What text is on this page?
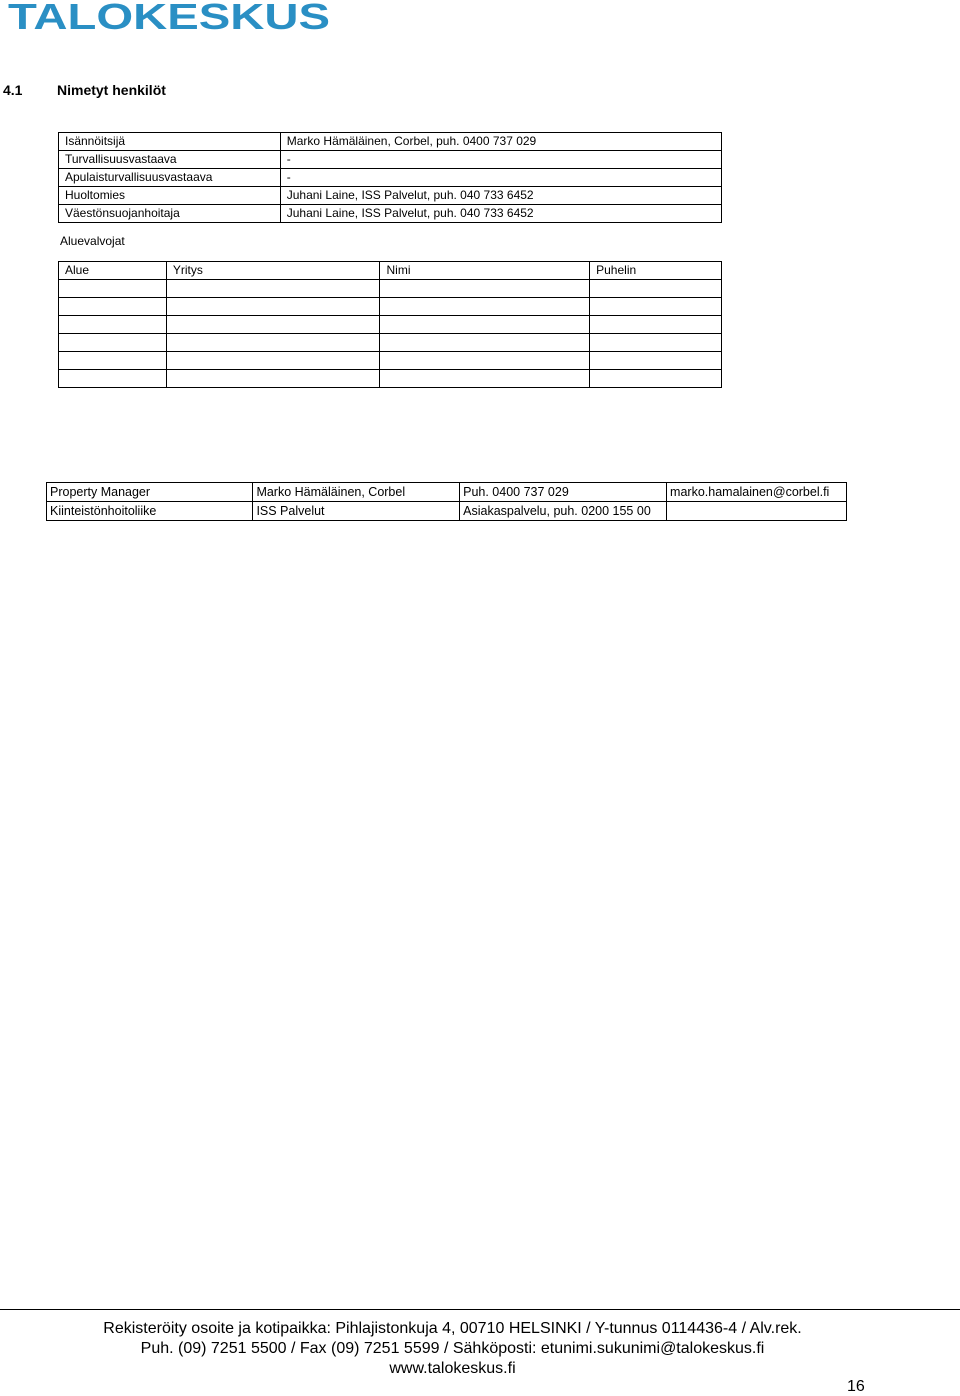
TALOKESKUS
4.1 Nimetyt henkilöt
Isännöitsijä	Marko Hämäläinen, Corbel, puh. 0400 737 029
Turvallisuusvastaava	-
Apulaisturvallisuusvastaava	-
Huoltomies	Juhani Laine, ISS Palvelut, puh. 040 733 6452
Väestönsuojanhoitaja	Juhani Laine, ISS Palvelut, puh. 040 733 6452
Aluevalvojat
Alue	Yritys	Nimi	Puhelin

Property Manager	Marko Hämäläinen, Corbel	Puh. 0400 737 029	marko.hamalainen@corbel.fi
Kiinteistönhoitoliike	ISS Palvelut	Asiakaspalvelu, puh. 0200 155 00	
Rekisteröity osoite ja kotipaikka: Pihlajistonkuja 4, 00710 HELSINKI / Y-tunnus 0114436-4 / Alv.rek.
Puh. (09) 7251 5500 / Fax (09) 7251 5599 / Sähköposti: etunimi.sukunimi@talokeskus.fi
www.talokeskus.fi
16
